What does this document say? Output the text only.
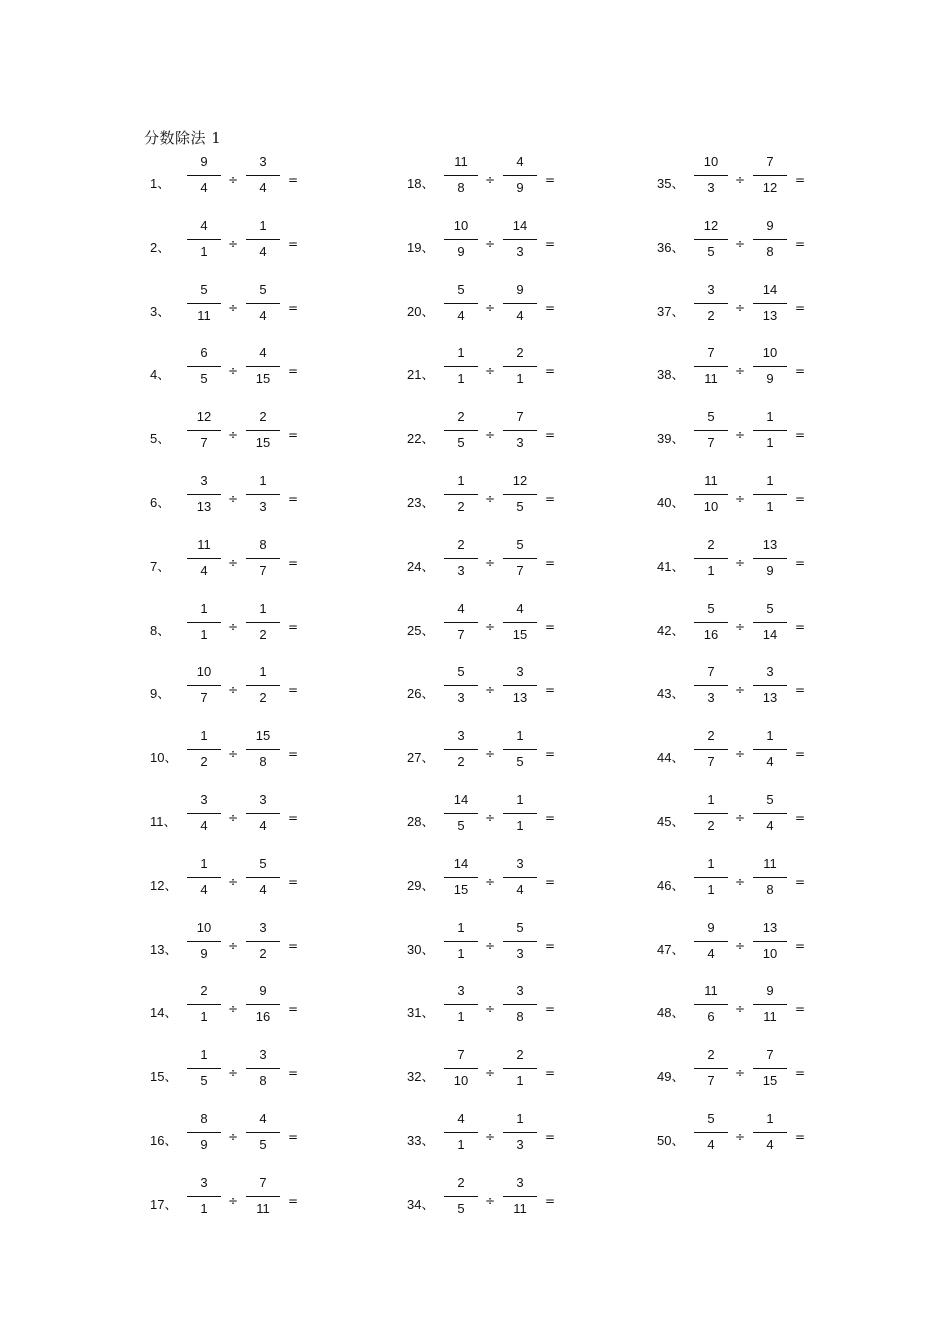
分数除法 1
1、
9
4	÷
3
4	=
2、
4
1	÷
1
4	=
3、
5
11	÷
5
4	=
4、
6
5	÷
4
15	=
5、
12
7	÷
2
15	=
6、
3
13	÷
1
3	=
7、
11
4	÷
8
7	=
8、
1
1	÷
1
2	=
9、
10
7	÷
1
2	=
10、
1
2	÷
15
8	=
11、
3
4	÷
3
4	=
12、
1
4	÷
5
4	=
13、
10
9	÷
3
2	=
14、
2
1	÷
9
16	=
15、
1
5	÷
3
8	=
16、
8
9	÷
4
5	=
17、
3
1	÷
7
11	=
18、
11
8	÷
4
9	=
19、
10
9	÷
14
3	=
20、
5
4	÷
9
4	=
21、
1
1	÷
2
1	=
22、
2
5	÷
7
3	=
23、
1
2	÷
12
5	=
24、
2
3	÷
5
7	=
25、
4
7	÷
4
15	=
26、
5
3	÷
3
13	=
27、
3
2	÷
1
5	=
28、
14
5	÷
1
1	=
29、
14
15	÷
3
4	=
30、
1
1	÷
5
3	=
31、
3
1	÷
3
8	=
32、
7
10	÷
2
1	=
33、
4
1	÷
1
3	=
34、
2
5	÷
3
11	=
35、
10
3	÷
7
12	=
36、
12
5	÷
9
8	=
37、
3
2	÷
14
13	=
38、
7
11	÷
10
9	=
39、
5
7	÷
1
1	=
40、
11
10	÷
1
1	=
41、
2
1	÷
13
9	=
42、
5
16	÷
5
14	=
43、
7
3	÷
3
13	=
44、
2
7	÷
1
4	=
45、
1
2	÷
5
4	=
46、
1
1	÷
11
8	=
47、
9
4	÷
13
10	=
48、
11
6	÷
9
11	=
49、
2
7	÷
7
15	=
50、
5
4	÷
1
4	=
